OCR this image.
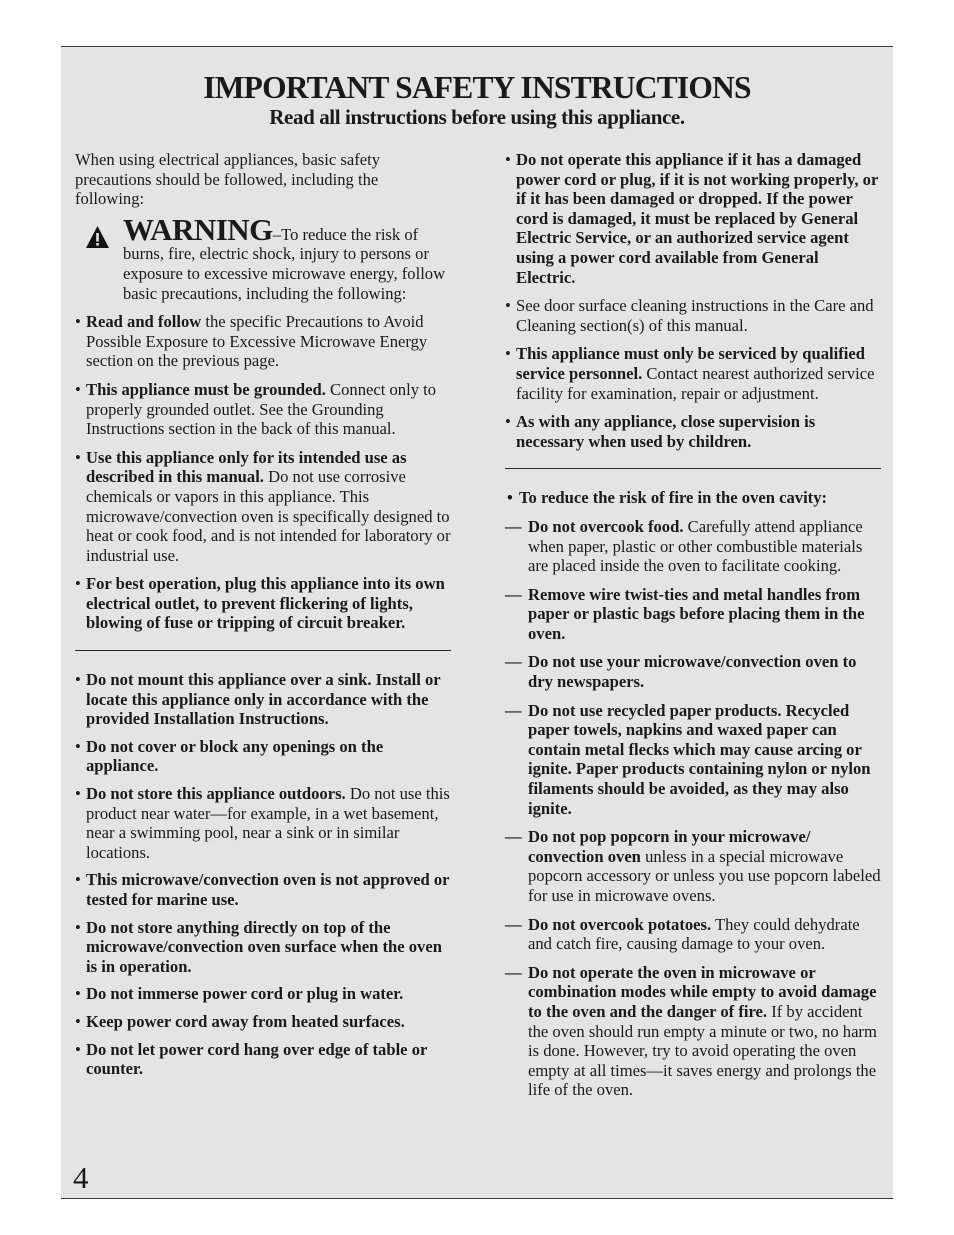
IMPORTANT SAFETY INSTRUCTIONS
Read all instructions before using this appliance.

When using electrical appliances, basic safety precautions should be followed, including the following:

WARNING–To reduce the risk of burns, fire, electric shock, injury to persons or exposure to excessive microwave energy, follow basic precautions, including the following:
• Read and follow the specific Precautions to Avoid Possible Exposure to Excessive Microwave Energy section on the previous page.
• This appliance must be grounded. Connect only to properly grounded outlet. See the Grounding Instructions section in the back of this manual.
• Use this appliance only for its intended use as described in this manual. Do not use corrosive chemicals or vapors in this appliance. This microwave/convection oven is specifically designed to heat or cook food, and is not intended for laboratory or industrial use.
• For best operation, plug this appliance into its own electrical outlet, to prevent flickering of lights, blowing of fuse or tripping of circuit breaker.
• Do not mount this appliance over a sink. Install or locate this appliance only in accordance with the provided Installation Instructions.
• Do not cover or block any openings on the appliance.
• Do not store this appliance outdoors. Do not use this product near water—for example, in a wet basement, near a swimming pool, near a sink or in similar locations.
• This microwave/convection oven is not approved or tested for marine use.
• Do not store anything directly on top of the microwave/convection oven surface when the oven is in operation.
• Do not immerse power cord or plug in water.
• Keep power cord away from heated surfaces.
• Do not let power cord hang over edge of table or counter.
• Do not operate this appliance if it has a damaged power cord or plug, if it is not working properly, or if it has been damaged or dropped. If the power cord is damaged, it must be replaced by General Electric Service, or an authorized service agent using a power cord available from General Electric.
• See door surface cleaning instructions in the Care and Cleaning section(s) of this manual.
• This appliance must only be serviced by qualified service personnel. Contact nearest authorized service facility for examination, repair or adjustment.
• As with any appliance, close supervision is necessary when used by children.
• To reduce the risk of fire in the oven cavity:
— Do not overcook food. Carefully attend appliance when paper, plastic or other combustible materials are placed inside the oven to facilitate cooking.
— Remove wire twist-ties and metal handles from paper or plastic bags before placing them in the oven.
— Do not use your microwave/convection oven to dry newspapers.
— Do not use recycled paper products. Recycled paper towels, napkins and waxed paper can contain metal flecks which may cause arcing or ignite. Paper products containing nylon or nylon filaments should be avoided, as they may also ignite.
— Do not pop popcorn in your microwave/ convection oven unless in a special microwave popcorn accessory or unless you use popcorn labeled for use in microwave ovens.
— Do not overcook potatoes. They could dehydrate and catch fire, causing damage to your oven.
— Do not operate the oven in microwave or combination modes while empty to avoid damage to the oven and the danger of fire. If by accident the oven should run empty a minute or two, no harm is done. However, try to avoid operating the oven empty at all times—it saves energy and prolongs the life of the oven.
4
